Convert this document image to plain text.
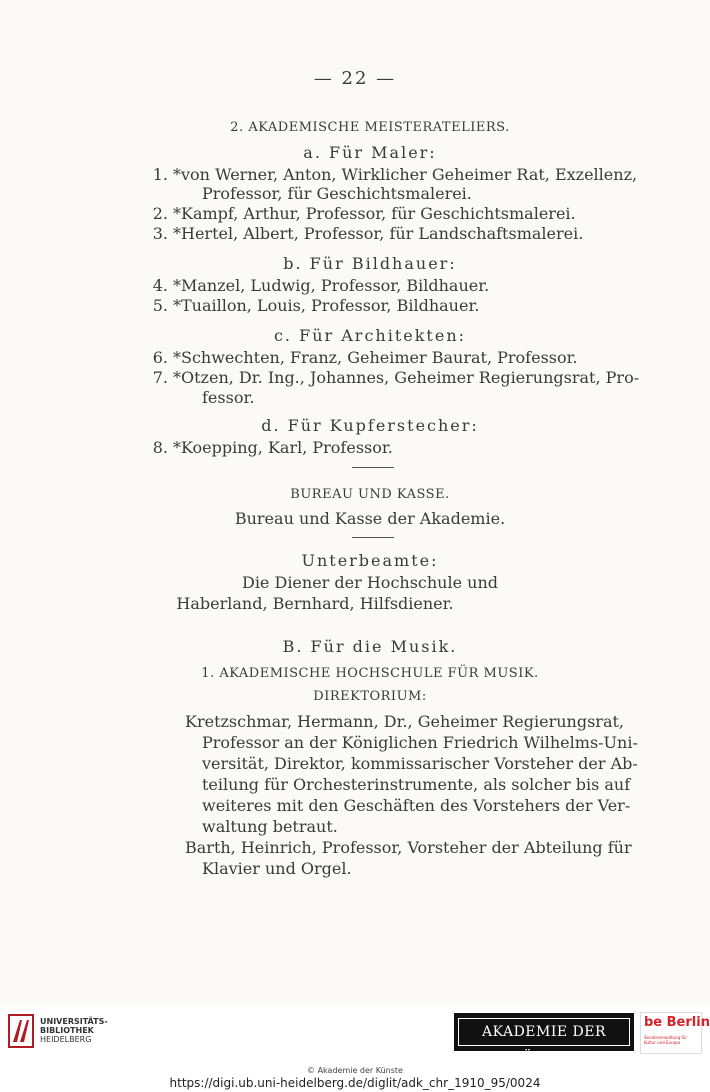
— 22 —
2. AKADEMISCHE MEISTERATELIERS.
a. Für Maler:
1. *von Werner, Anton, Wirklicher Geheimer Rat, Exzellenz,
Professor, für Geschichtsmalerei.
2. *Kampf, Arthur, Professor, für Geschichtsmalerei.
3. *Hertel, Albert, Professor, für Landschaftsmalerei.
b. Für Bildhauer:
4. *Manzel, Ludwig, Professor, Bildhauer.
5. *Tuaillon, Louis, Professor, Bildhauer.
c. Für Architekten:
6. *Schwechten, Franz, Geheimer Baurat, Professor.
7. *Otzen, Dr. Ing., Johannes, Geheimer Regierungsrat, Pro-
fessor.
d. Für Kupferstecher:
8. *Koepping, Karl, Professor.
BUREAU UND KASSE.
Bureau und Kasse der Akademie.
Unterbeamte:
Die Diener der Hochschule und
Haberland, Bernhard, Hilfsdiener.
B. Für die Musik.
1. AKADEMISCHE HOCHSCHULE FÜR MUSIK.
DIREKTORIUM:
Kretzschmar, Hermann, Dr., Geheimer Regierungsrat,
Professor an der Königlichen Friedrich Wilhelms-Uni-
versität, Direktor, kommissarischer Vorsteher der Ab-
teilung für Orchesterinstrumente, als solcher bis auf
weiteres mit den Geschäften des Vorstehers der Ver-
waltung betraut.
Barth, Heinrich, Professor, Vorsteher der Abteilung für
Klavier und Orgel.
UNIVERSITÄTS-
BIBLIOTHEK
HEIDELBERG	AKADEMIE DER KÜNSTE
be Berlin
Senatsverwaltung für Kultur und Europa
© Akademie der Künste
https://digi.ub.uni-heidelberg.de/diglit/adk_chr_1910_95/0024
